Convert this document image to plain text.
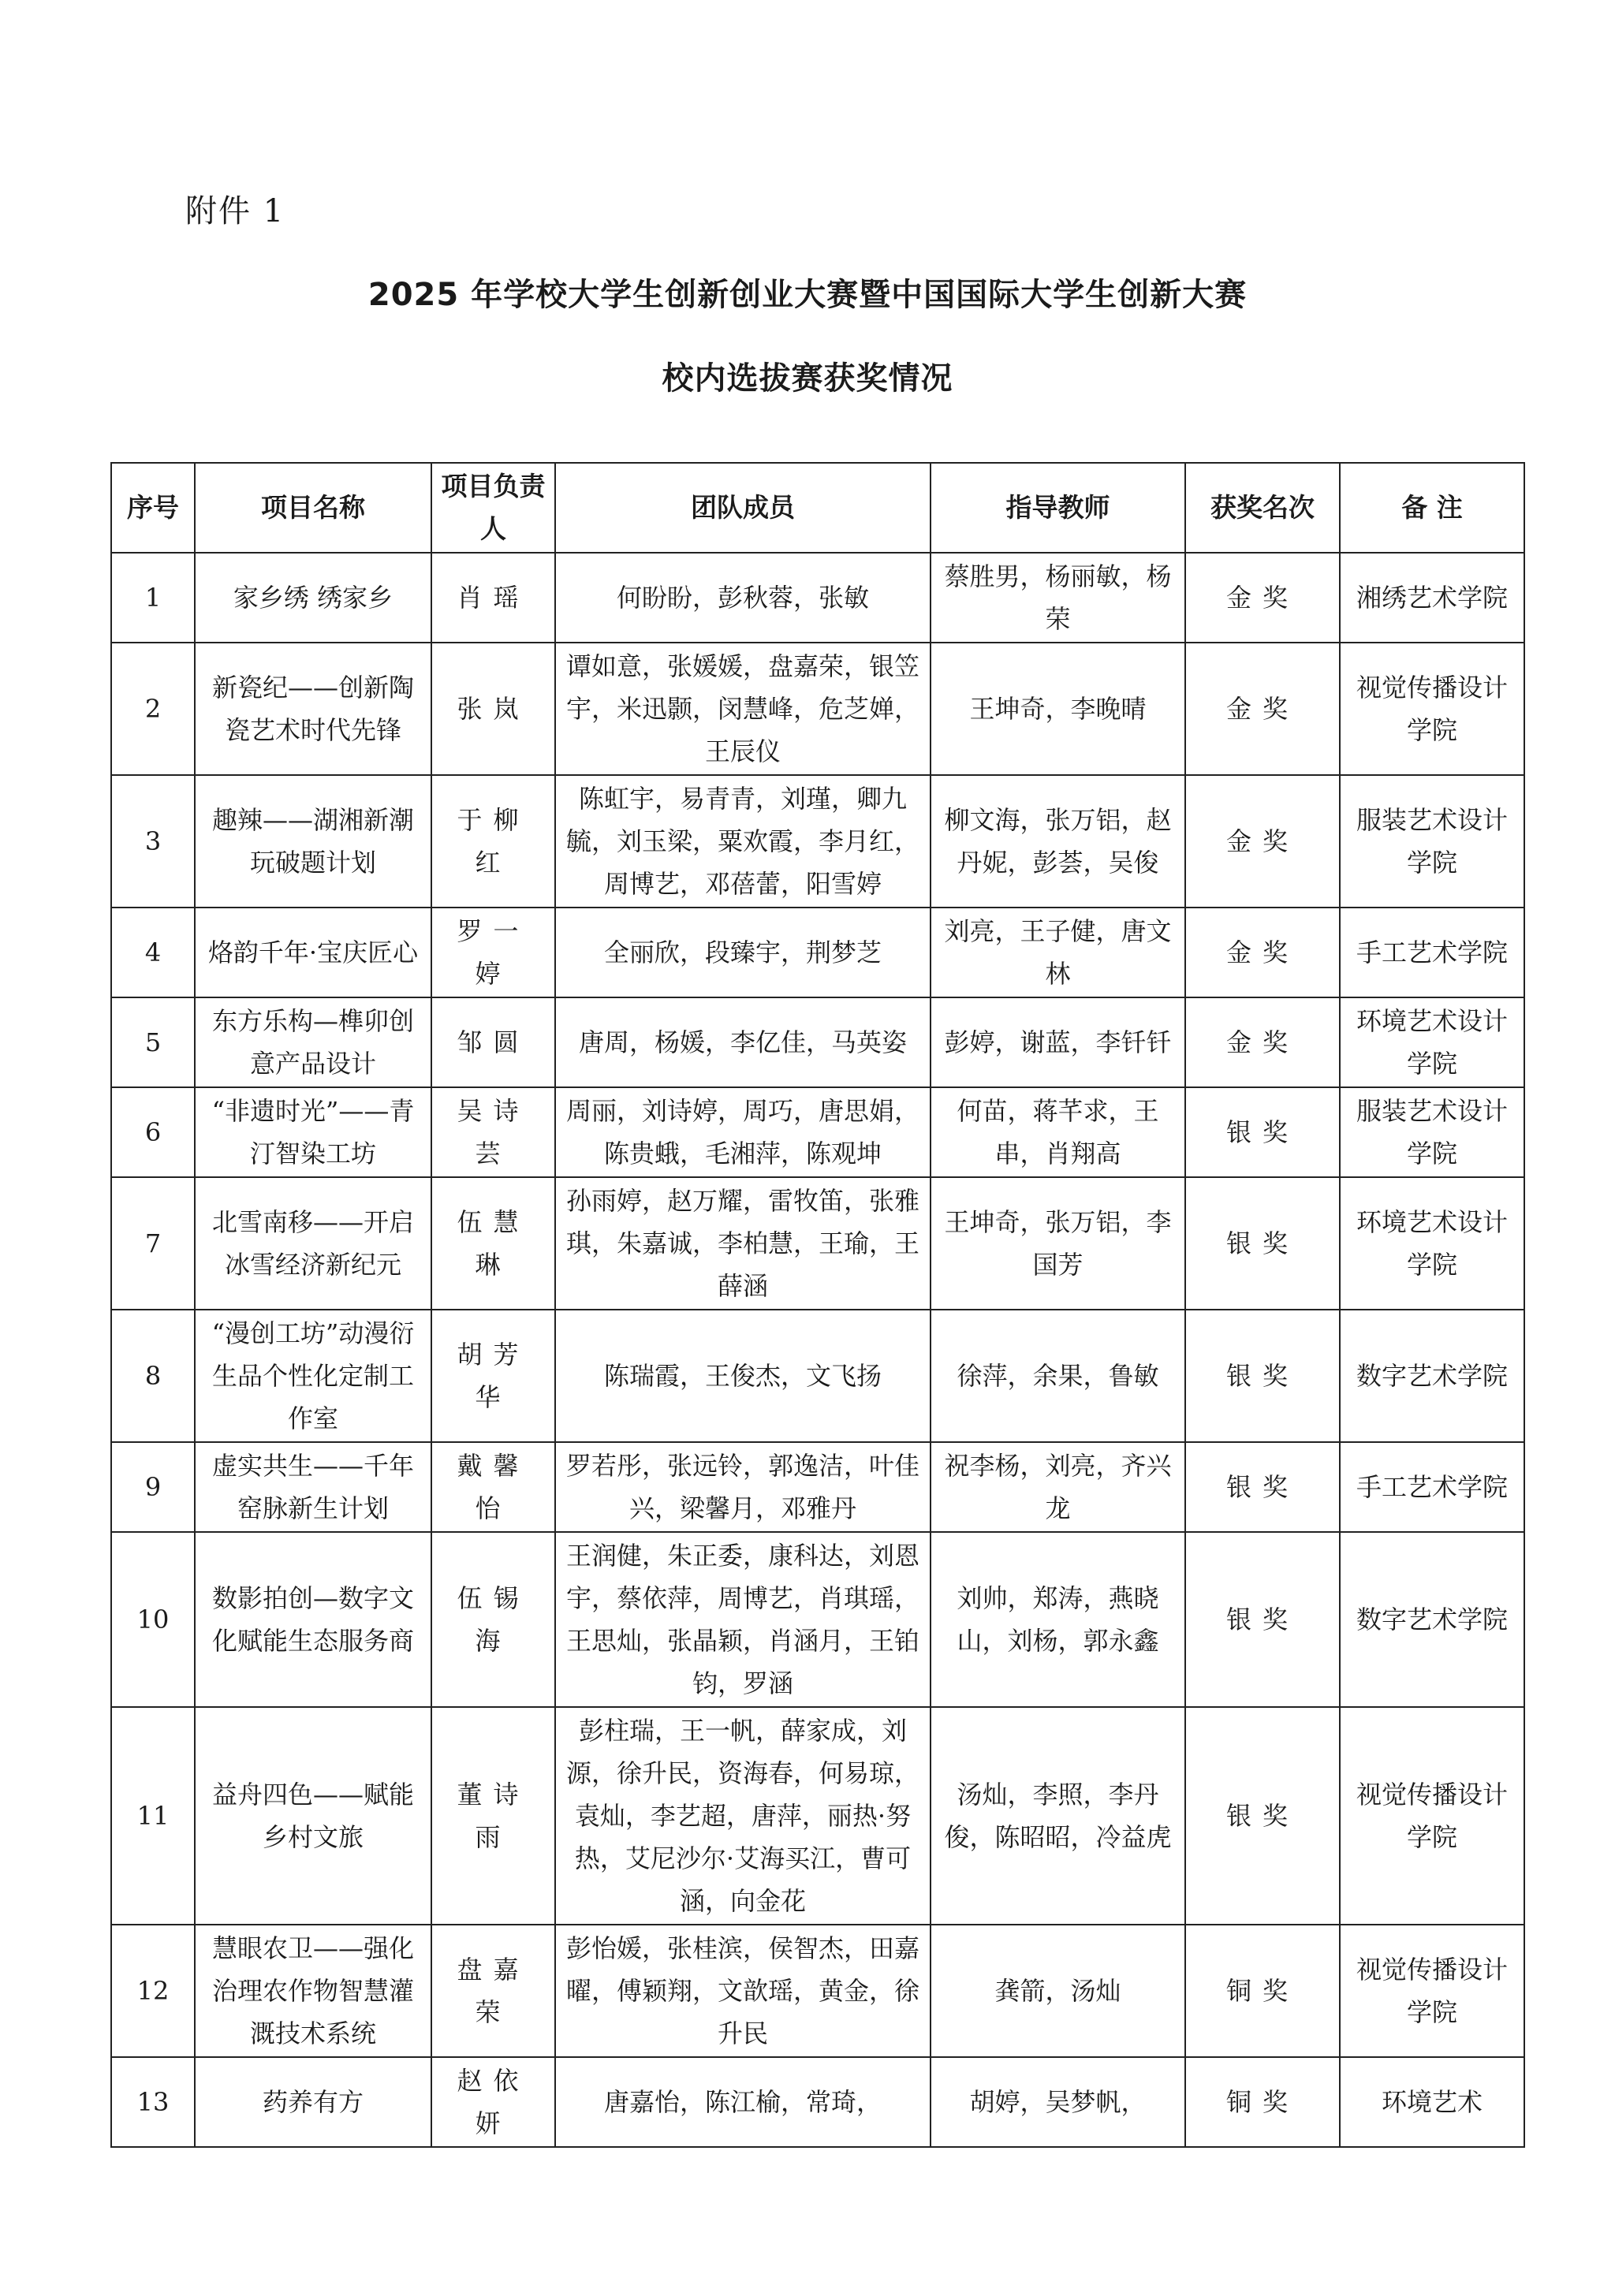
附件 1
2025 年学校大学生创新创业大赛暨中国国际大学生创新大赛
校内选拔赛获奖情况
序号	项目名称	项目负责人	团队成员	指导教师	获奖名次	备 注
1	家乡绣 绣家乡	肖瑶	何盼盼，彭秋蓉，张敏	蔡胜男，杨丽敏，杨荣	金奖	湘绣艺术学院
2	新瓷纪——创新陶瓷艺术时代先锋	张岚	谭如意，张媛媛，盘嘉荣，银笠宇，米迅颢，闵慧峰，危芝婵，王辰仪	王坤奇，李晚晴	金奖	视觉传播设计学院
3	趣辣——湖湘新潮玩破题计划	于柳红	陈虹宇，易青青，刘瑾，卿九毓，刘玉梁，粟欢霞，李月红，周博艺，邓蓓蕾，阳雪婷	柳文海，张万铝，赵丹妮，彭荟，吴俊	金奖	服装艺术设计学院
4	烙韵千年·宝庆匠心	罗一婷	全丽欣，段臻宇，荆梦芝	刘亮，王子健，唐文林	金奖	手工艺术学院
5	东方乐构—榫卯创意产品设计	邹圆	唐周，杨媛，李亿佳，马英姿	彭婷，谢蓝，李钎钎	金奖	环境艺术设计学院
6	“非遗时光”——青汀智染工坊	吴诗芸	周丽，刘诗婷，周巧，唐思娟，陈贵蛾，毛湘萍，陈观坤	何苗，蒋芊求，王串，肖翔高	银奖	服装艺术设计学院
7	北雪南移——开启冰雪经济新纪元	伍慧琳	孙雨婷，赵万耀，雷牧笛，张雅琪，朱嘉诚，李柏慧，王瑜，王薛涵	王坤奇，张万铝，李国芳	银奖	环境艺术设计学院
8	“漫创工坊”动漫衍生品个性化定制工作室	胡芳华	陈瑞霞，王俊杰，文飞扬	徐萍，余果，鲁敏	银奖	数字艺术学院
9	虚实共生——千年窑脉新生计划	戴馨怡	罗若彤，张远铃，郭逸洁，叶佳兴，梁馨月，邓雅丹	祝李杨，刘亮，齐兴龙	银奖	手工艺术学院
10	数影拍创—数字文化赋能生态服务商	伍锡海	王润健，朱正委，康科达，刘恩宇，蔡依萍，周博艺，肖琪瑶，王思灿，张晶颖，肖涵月，王铂钧，罗涵	刘帅，郑涛，燕晓山，刘杨，郭永鑫	银奖	数字艺术学院
11	益舟四色——赋能乡村文旅	董诗雨	彭柱瑞，王一帆，薛家成，刘源，徐升民，资海春，何易琼，袁灿，李艺超，唐萍，丽热·努热，艾尼沙尔·艾海买江，曹可涵，向金花	汤灿，李照，李丹俊，陈昭昭，冷益虎	银奖	视觉传播设计学院
12	慧眼农卫——强化治理农作物智慧灌溉技术系统	盘嘉荣	彭怡媛，张桂滨，侯智杰，田嘉曜，傅颖翔，文歆瑶，黄金，徐升民	龚箭，汤灿	铜奖	视觉传播设计学院
13	药养有方	赵依妍	唐嘉怡，陈江榆，常琦，	胡婷，吴梦帆，	铜奖	环境艺术
